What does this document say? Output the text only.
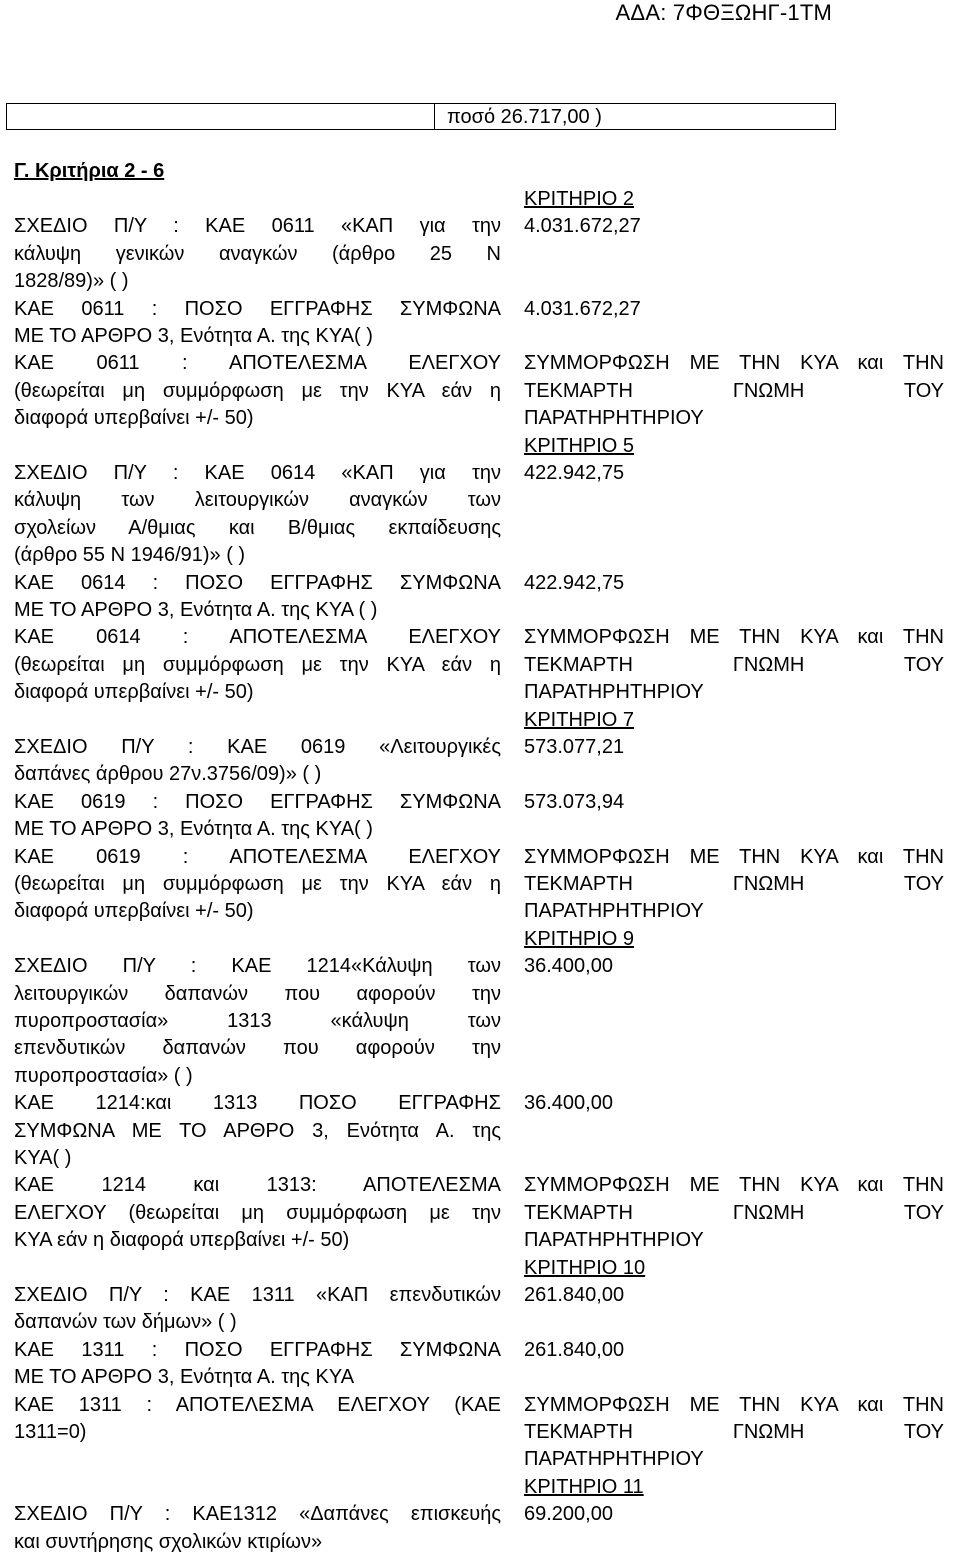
ΑΔΑ: 7ΦΘΞΩΗΓ-1ΤΜ
ποσό 26.717,00 )
Γ. Κριτήρια 2 - 6
ΚΡΙΤΗΡΙΟ 2
ΣΧΕΔΙΟ Π/Υ : ΚΑΕ 0611 «ΚΑΠ για την
κάλυψη γενικών αναγκών (άρθρο 25 Ν
1828/89)» ( )
4.031.672,27
ΚΑΕ 0611 : ΠΟΣΟ ΕΓΓΡΑΦΗΣ ΣΥΜΦΩΝΑ
ΜΕ ΤΟ ΑΡΘΡΟ 3, Ενότητα Α. της ΚΥΑ( )
4.031.672,27
ΚΑΕ 0611 : ΑΠΟΤΕΛΕΣΜΑ ΕΛΕΓΧΟΥ
(θεωρείται μη συμμόρφωση με την ΚΥΑ εάν η
διαφορά υπερβαίνει +/- 50)
ΣΥΜΜΟΡΦΩΣΗ ΜΕ ΤΗΝ ΚΥΑ και ΤΗΝ
ΤΕΚΜΑΡΤΗ ΓΝΩΜΗ ΤΟΥ
ΠΑΡΑΤΗΡΗΤΗΡΙΟΥ
ΚΡΙΤΗΡΙΟ 5
ΣΧΕΔΙΟ Π/Υ : ΚΑΕ 0614 «ΚΑΠ για την
κάλυψη των λειτουργικών αναγκών των
σχολείων Α/θμιας και Β/θμιας εκπαίδευσης
(άρθρο 55 Ν 1946/91)» ( )
422.942,75
ΚΑΕ 0614 : ΠΟΣΟ ΕΓΓΡΑΦΗΣ ΣΥΜΦΩΝΑ
ΜΕ ΤΟ ΑΡΘΡΟ 3, Ενότητα Α. της ΚΥΑ ( )
422.942,75
ΚΑΕ 0614 : ΑΠΟΤΕΛΕΣΜΑ ΕΛΕΓΧΟΥ
(θεωρείται μη συμμόρφωση με την ΚΥΑ εάν η
διαφορά υπερβαίνει +/- 50)
ΣΥΜΜΟΡΦΩΣΗ ΜΕ ΤΗΝ ΚΥΑ και ΤΗΝ
ΤΕΚΜΑΡΤΗ ΓΝΩΜΗ ΤΟΥ
ΠΑΡΑΤΗΡΗΤΗΡΙΟΥ
ΚΡΙΤΗΡΙΟ 7
ΣΧΕΔΙΟ Π/Υ : ΚΑΕ 0619 «Λειτουργικές
δαπάνες άρθρου 27ν.3756/09)» ( )
573.077,21
ΚΑΕ 0619 : ΠΟΣΟ ΕΓΓΡΑΦΗΣ ΣΥΜΦΩΝΑ
ΜΕ ΤΟ ΑΡΘΡΟ 3, Ενότητα Α. της ΚΥΑ( )
573.073,94
ΚΑΕ 0619 : ΑΠΟΤΕΛΕΣΜΑ ΕΛΕΓΧΟΥ
(θεωρείται μη συμμόρφωση με την ΚΥΑ εάν η
διαφορά υπερβαίνει +/- 50)
ΣΥΜΜΟΡΦΩΣΗ ΜΕ ΤΗΝ ΚΥΑ και ΤΗΝ
ΤΕΚΜΑΡΤΗ ΓΝΩΜΗ ΤΟΥ
ΠΑΡΑΤΗΡΗΤΗΡΙΟΥ
ΚΡΙΤΗΡΙΟ 9
ΣΧΕΔΙΟ Π/Υ : ΚΑΕ 1214«Κάλυψη των
λειτουργικών δαπανών που αφορούν την
πυροπροστασία» 1313 «κάλυψη των
επενδυτικών δαπανών που αφορούν την
πυροπροστασία» ( )
36.400,00
ΚΑΕ 1214:και 1313 ΠΟΣΟ ΕΓΓΡΑΦΗΣ
ΣΥΜΦΩΝΑ ΜΕ ΤΟ ΑΡΘΡΟ 3, Ενότητα Α. της
ΚΥΑ( )
36.400,00
ΚΑΕ 1214 και 1313: ΑΠΟΤΕΛΕΣΜΑ
ΕΛΕΓΧΟΥ (θεωρείται μη συμμόρφωση με την
ΚΥΑ εάν η διαφορά υπερβαίνει +/- 50)
ΣΥΜΜΟΡΦΩΣΗ ΜΕ ΤΗΝ ΚΥΑ και ΤΗΝ
ΤΕΚΜΑΡΤΗ ΓΝΩΜΗ ΤΟΥ
ΠΑΡΑΤΗΡΗΤΗΡΙΟΥ
ΚΡΙΤΗΡΙΟ 10
ΣΧΕΔΙΟ Π/Υ : ΚΑΕ 1311 «ΚΑΠ επενδυτικών
δαπανών των δήμων» ( )
261.840,00
ΚΑΕ 1311 : ΠΟΣΟ ΕΓΓΡΑΦΗΣ ΣΥΜΦΩΝΑ
ΜΕ ΤΟ ΑΡΘΡΟ 3, Ενότητα Α. της ΚΥΑ
261.840,00
ΚΑΕ 1311 : ΑΠΟΤΕΛΕΣΜΑ ΕΛΕΓΧΟΥ (ΚΑΕ
1311=0)
ΣΥΜΜΟΡΦΩΣΗ ΜΕ ΤΗΝ ΚΥΑ και ΤΗΝ
ΤΕΚΜΑΡΤΗ ΓΝΩΜΗ ΤΟΥ
ΠΑΡΑΤΗΡΗΤΗΡΙΟΥ
ΚΡΙΤΗΡΙΟ 11
ΣΧΕΔΙΟ Π/Υ : ΚΑΕ1312 «Δαπάνες επισκευής
και συντήρησης σχολικών κτιρίων»
69.200,00
